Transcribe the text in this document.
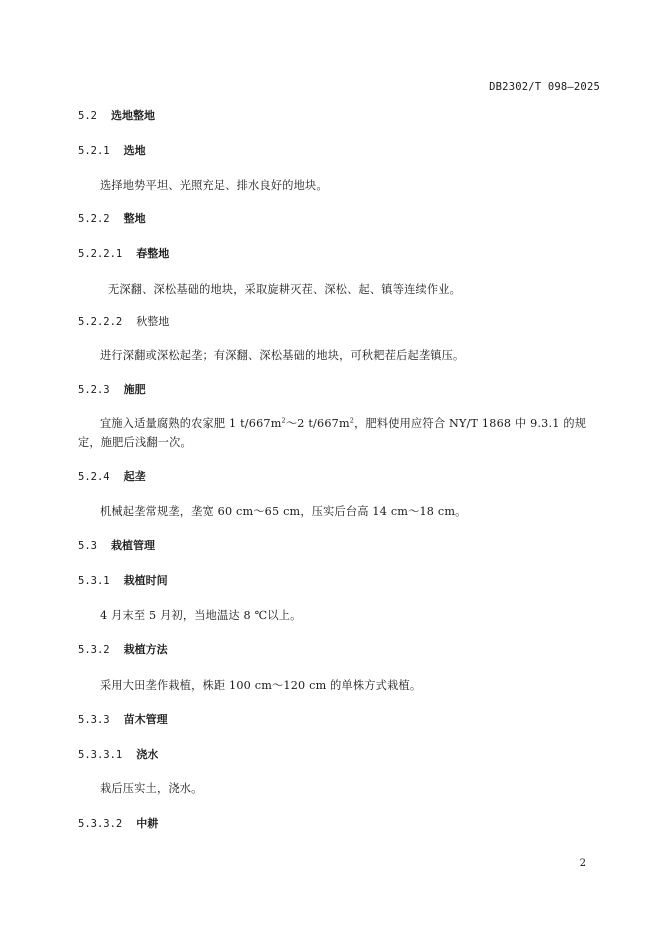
DB2302/T 098—2025
5.2 选地整地
5.2.1 选地
选择地势平坦、光照充足、排水良好的地块。
5.2.2 整地
5.2.2.1 春整地
无深翻、深松基础的地块，采取旋耕灭茬、深松、起、镇等连续作业。
5.2.2.2 秋整地
进行深翻或深松起垄；有深翻、深松基础的地块，可秋耙茬后起垄镇压。
5.2.3 施肥
宜施入适量腐熟的农家肥 1 $t/667m^2\sim 2$ $t/667m^2$，肥料使用应符合 NY/T 1868 中 9.3.1 的规定，施肥后浅翻一次。
5.2.4 起垄
机械起垄常规垄，垄宽 60 cm～65 cm，压实后台高 14 cm～18 cm。
5.3 栽植管理
5.3.1 栽植时间
4 月末至 5 月初，当地温达 8 ℃以上。
5.3.2 栽植方法
采用大田垄作栽植，株距 100 cm～120 cm 的单株方式栽植。
5.3.3 苗木管理
5.3.3.1 浇水
栽后压实土，浇水。
5.3.3.2 中耕
2
